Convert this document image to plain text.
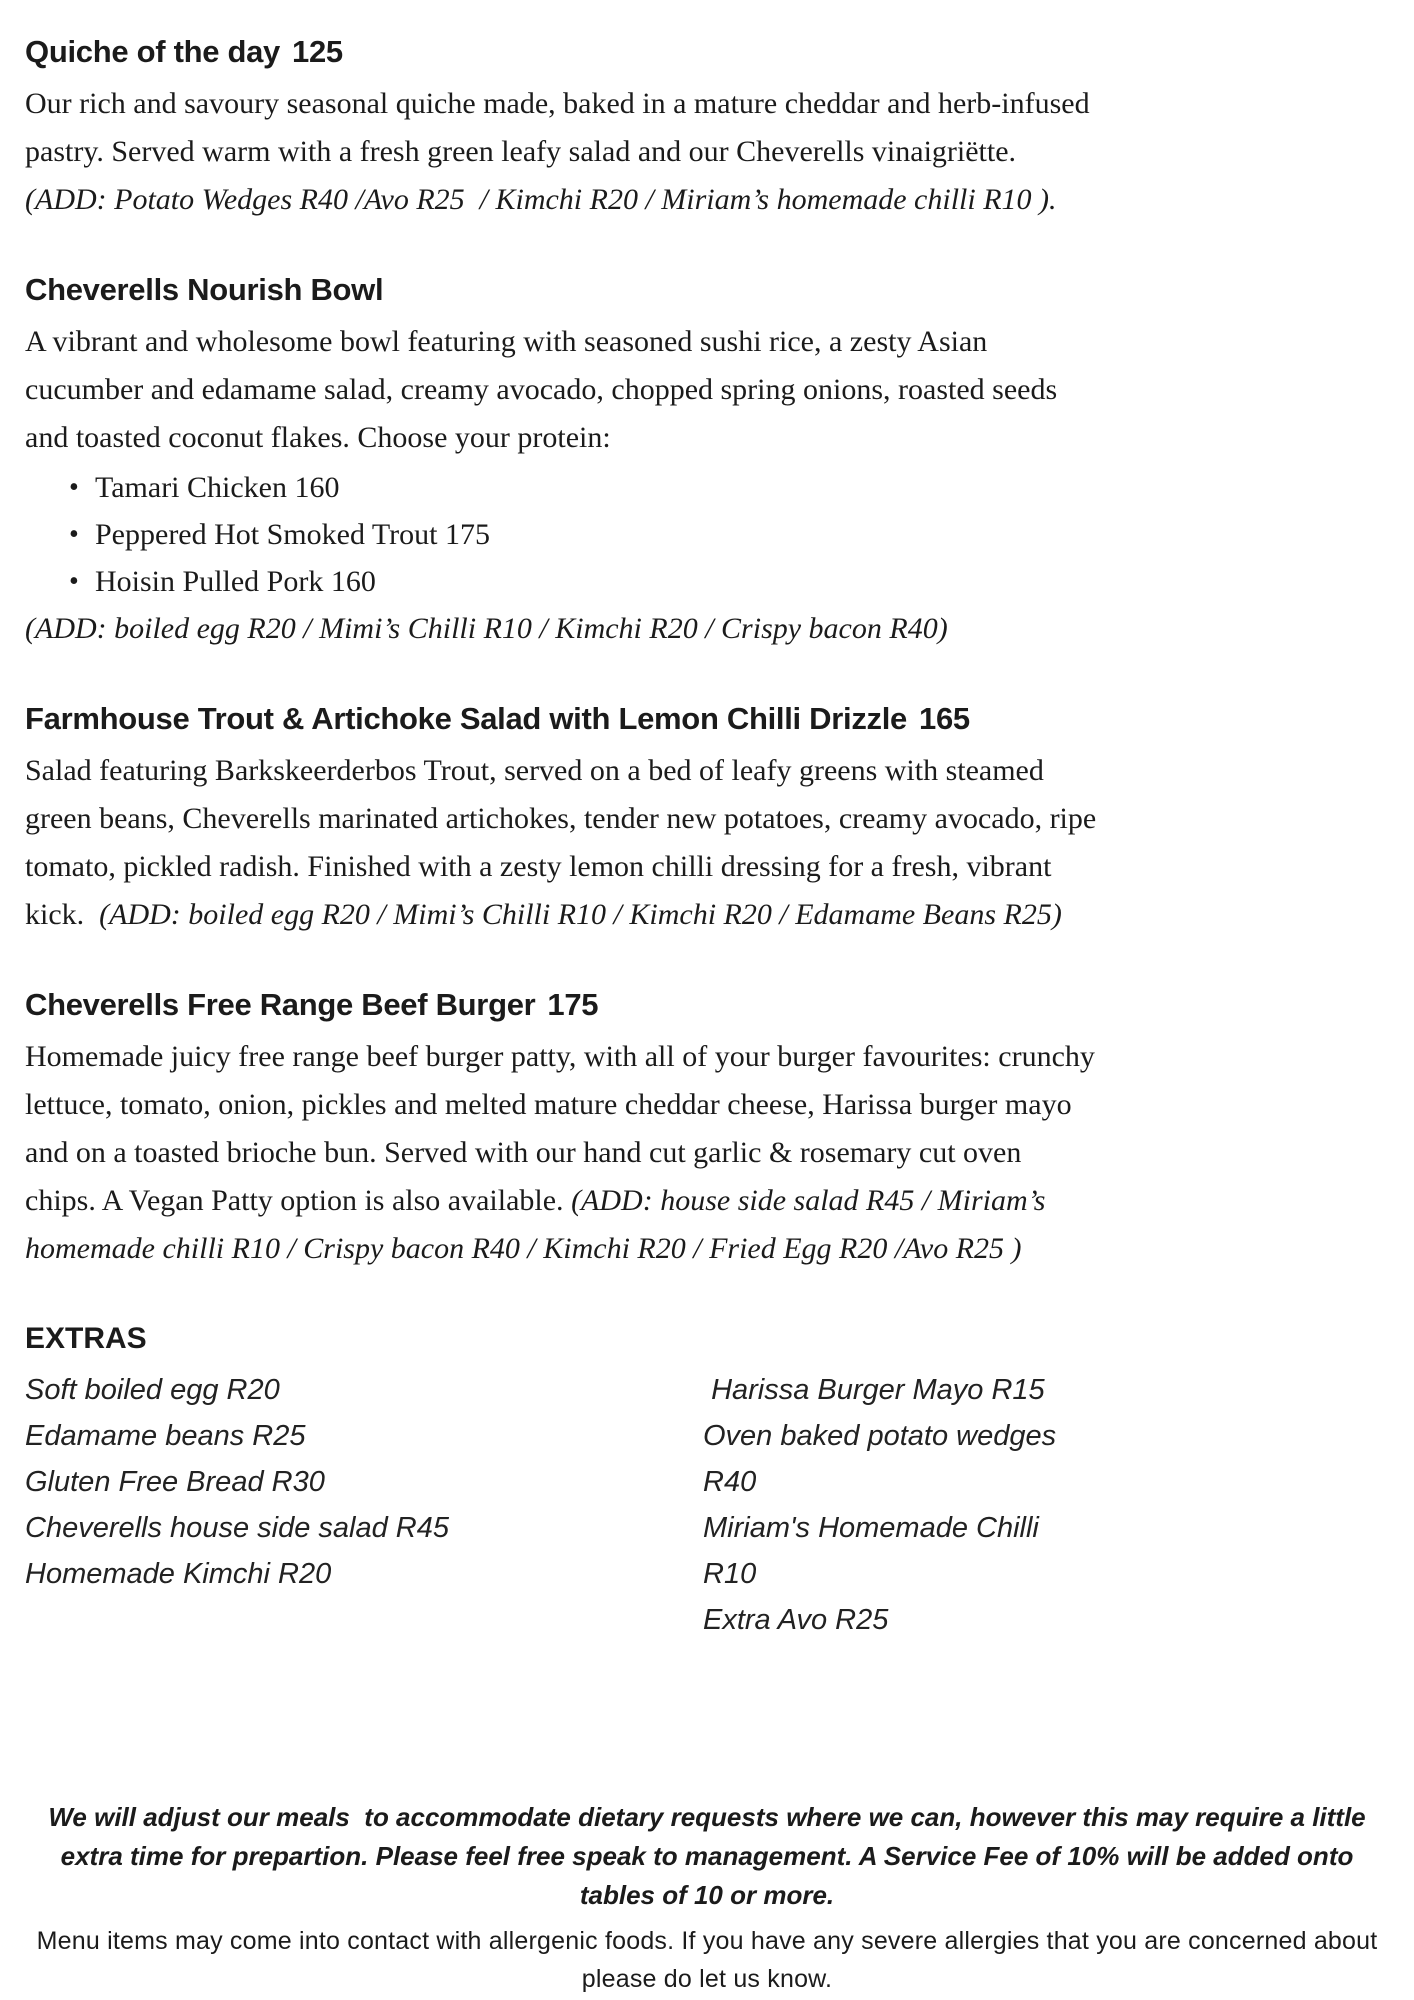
Quiche of the day 125

Our rich and savoury seasonal quiche made, baked in a mature cheddar and herb-infused pastry. Served warm with a fresh green leafy salad and our Cheverells vinaigriëtte. (ADD: Potato Wedges R40 /Avo R25  / Kimchi R20 / Miriam’s homemade chilli R10 ).

Cheverells Nourish Bowl

A vibrant and wholesome bowl featuring with seasoned sushi rice, a zesty Asian cucumber and edamame salad, creamy avocado, chopped spring onions, roasted seeds and toasted coconut flakes. Choose your protein:

• Tamari Chicken 160
• Peppered Hot Smoked Trout 175
• Hoisin Pulled Pork 160

(ADD: boiled egg R20 / Mimi’s Chilli R10 / Kimchi R20 / Crispy bacon R40)

Farmhouse Trout & Artichoke Salad with Lemon Chilli Drizzle 165

Salad featuring Barkskeerderbos Trout, served on a bed of leafy greens with steamed green beans, Cheverells marinated artichokes, tender new potatoes, creamy avocado, ripe tomato, pickled radish. Finished with a zesty lemon chilli dressing for a fresh, vibrant kick.  (ADD: boiled egg R20 / Mimi’s Chilli R10 / Kimchi R20 / Edamame Beans R25)

Cheverells Free Range Beef Burger 175

Homemade juicy free range beef burger patty, with all of your burger favourites: crunchy lettuce, tomato, onion, pickles and melted mature cheddar cheese, Harissa burger mayo and on a toasted brioche bun. Served with our hand cut garlic & rosemary cut oven chips. A Vegan Patty option is also available. (ADD: house side salad R45 / Miriam’s homemade chilli R10 / Crispy bacon R40 / Kimchi R20 / Fried Egg R20 /Avo R25 )

EXTRAS
Soft boiled egg R20
Edamame beans R25
Gluten Free Bread R30
Cheverells house side salad R45
Homemade Kimchi R20
Harissa Burger Mayo R15
Oven baked potato wedges R40
Miriam's Homemade Chilli R10
Extra Avo R25

We will adjust our meals  to accommodate dietary requests where we can, however this may require a little extra time for prepartion. Please feel free speak to management. A Service Fee of 10% will be added onto tables of 10 or more.

Menu items may come into contact with allergenic foods. If you have any severe allergies that you are concerned about please do let us know.
